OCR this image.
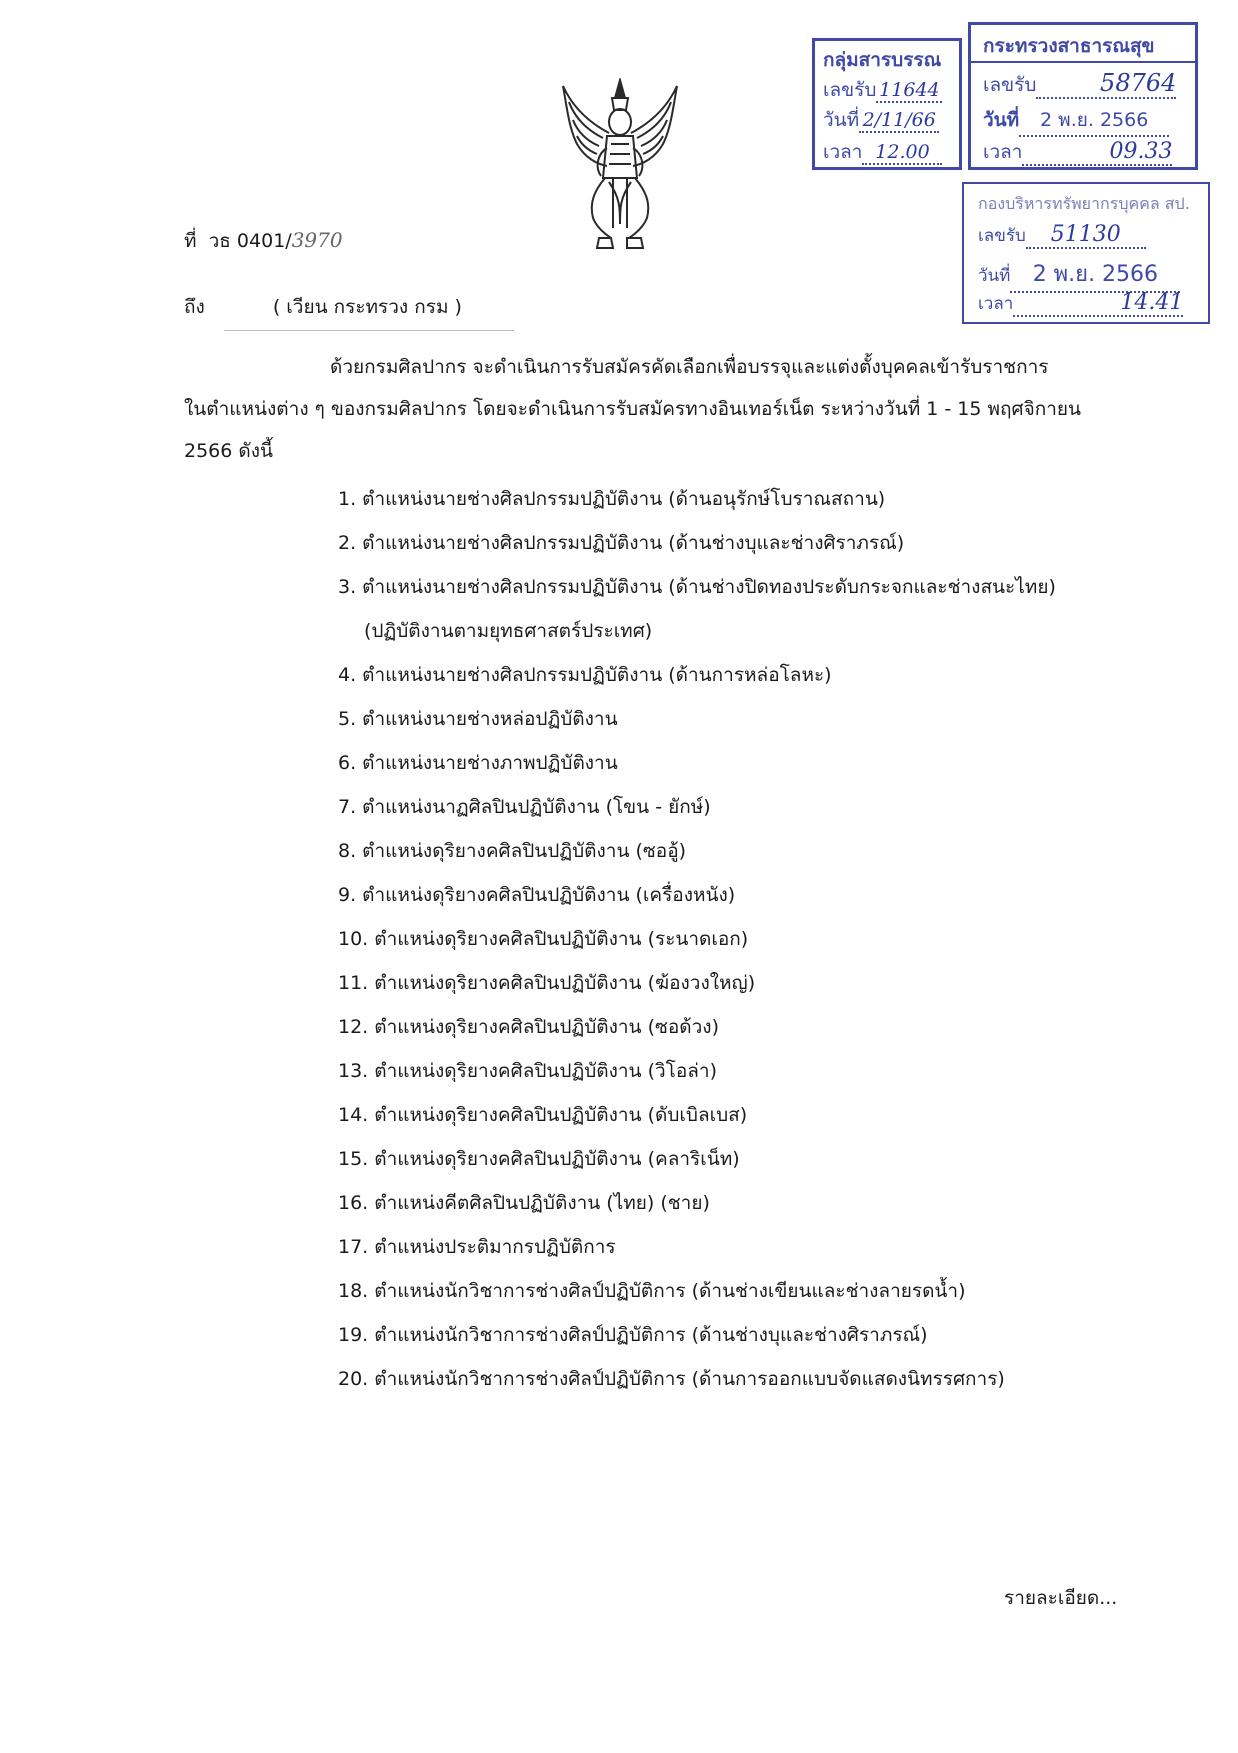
กลุ่มสารบรรณ
เลขรับ 11644
วันที่ 2/11/66
เวลา 12.00
กระทรวงสาธารณสุข
เลขรับ	58764
วันที่ 2 พ.ย. 2566
เวลา	09.33
กองบริหารทรัพยากรบุคคล สป.
เลขรับ 51130
วันที่ 2 พ.ย. 2566
เวลา	14.41
ที่ วธ 0401/3970
ถึง	( เวียน กระทรวง กรม )
ด้วยกรมศิลปากร จะดำเนินการรับสมัครคัดเลือกเพื่อบรรจุและแต่งตั้งบุคคลเข้ารับราชการ
ในตำแหน่งต่าง ๆ ของกรมศิลปากร โดยจะดำเนินการรับสมัครทางอินเทอร์เน็ต ระหว่างวันที่ 1 - 15 พฤศจิกายน
2566 ดังนี้
1. ตำแหน่งนายช่างศิลปกรรมปฏิบัติงาน (ด้านอนุรักษ์โบราณสถาน)
2. ตำแหน่งนายช่างศิลปกรรมปฏิบัติงาน (ด้านช่างบุและช่างศิราภรณ์)
3. ตำแหน่งนายช่างศิลปกรรมปฏิบัติงาน (ด้านช่างปิดทองประดับกระจกและช่างสนะไทย)
(ปฏิบัติงานตามยุทธศาสตร์ประเทศ)
4. ตำแหน่งนายช่างศิลปกรรมปฏิบัติงาน (ด้านการหล่อโลหะ)
5. ตำแหน่งนายช่างหล่อปฏิบัติงาน
6. ตำแหน่งนายช่างภาพปฏิบัติงาน
7. ตำแหน่งนาฏศิลปินปฏิบัติงาน (โขน - ยักษ์)
8. ตำแหน่งดุริยางคศิลปินปฏิบัติงาน (ซออู้)
9. ตำแหน่งดุริยางคศิลปินปฏิบัติงาน (เครื่องหนัง)
10. ตำแหน่งดุริยางคศิลปินปฏิบัติงาน (ระนาดเอก)
11. ตำแหน่งดุริยางคศิลปินปฏิบัติงาน (ฆ้องวงใหญ่)
12. ตำแหน่งดุริยางคศิลปินปฏิบัติงาน (ซอด้วง)
13. ตำแหน่งดุริยางคศิลปินปฏิบัติงาน (วิโอล่า)
14. ตำแหน่งดุริยางคศิลปินปฏิบัติงาน (ดับเบิลเบส)
15. ตำแหน่งดุริยางคศิลปินปฏิบัติงาน (คลาริเน็ท)
16. ตำแหน่งคีตศิลปินปฏิบัติงาน (ไทย) (ชาย)
17. ตำแหน่งประติมากรปฏิบัติการ
18. ตำแหน่งนักวิชาการช่างศิลป์ปฏิบัติการ (ด้านช่างเขียนและช่างลายรดน้ำ)
19. ตำแหน่งนักวิชาการช่างศิลป์ปฏิบัติการ (ด้านช่างบุและช่างศิราภรณ์)
20. ตำแหน่งนักวิชาการช่างศิลป์ปฏิบัติการ (ด้านการออกแบบจัดแสดงนิทรรศการ)
รายละเอียด...
